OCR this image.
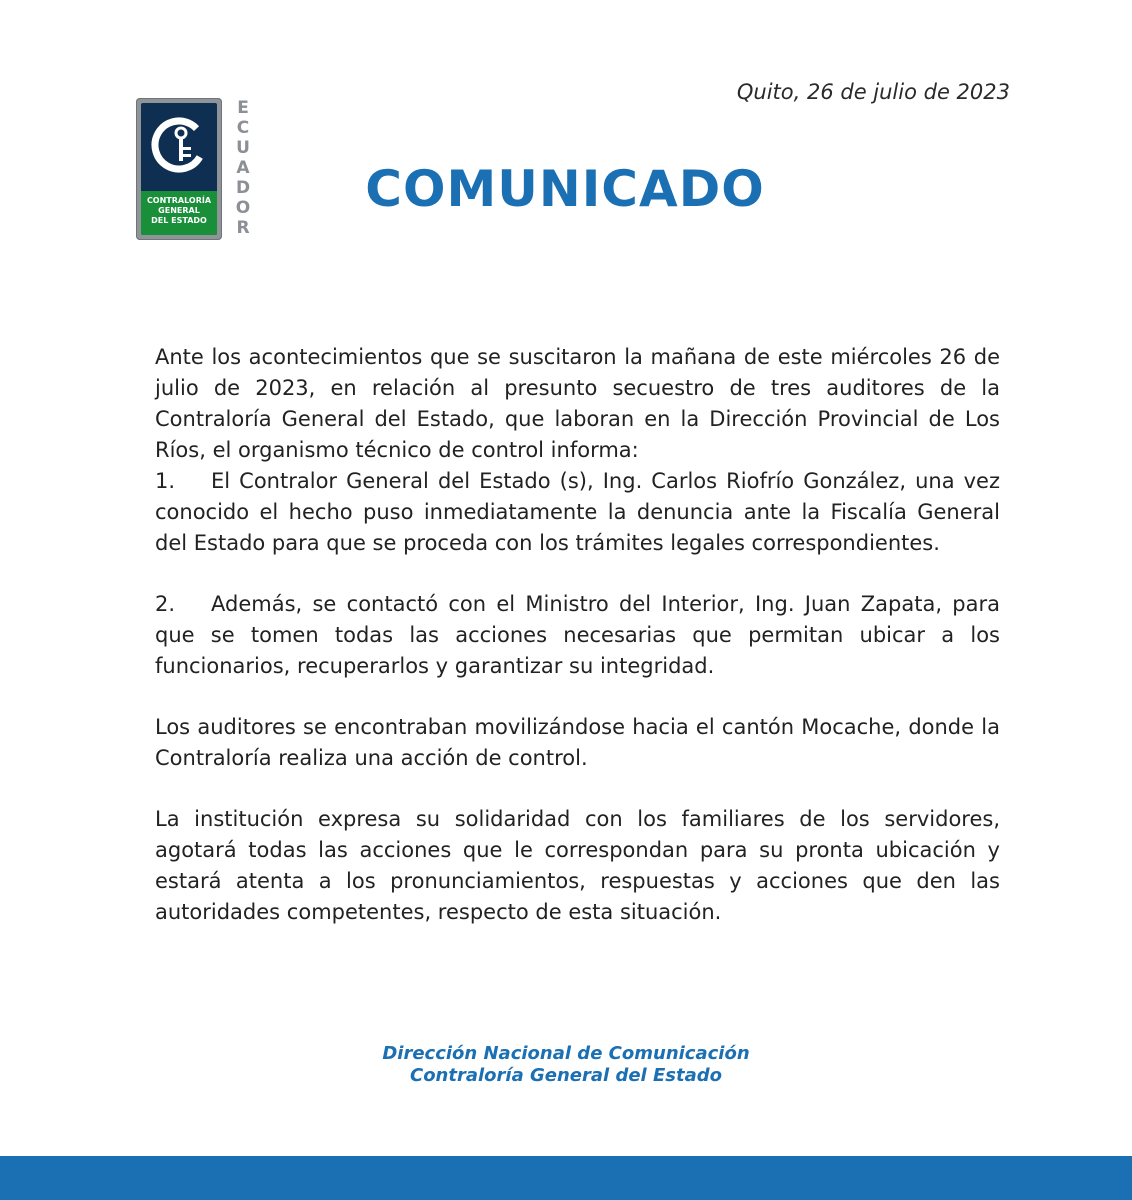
Quito, 26 de julio de 2023
CONTRALORÍA
GENERAL
DEL ESTADO
E
C
U
A
D
O
R
COMUNICADO

Ante los acontecimientos que se suscitaron la mañana de este miércoles 26 de julio de 2023, en relación al presunto secuestro de tres auditores de la Contraloría General del Estado, que laboran en la Dirección Provincial de Los Ríos, el organismo técnico de control informa:

1. El Contralor General del Estado (s), Ing. Carlos Riofrío González, una vez conocido el hecho puso inmediatamente la denuncia ante la Fiscalía General del Estado para que se proceda con los trámites legales correspondientes.

2. Además, se contactó con el Ministro del Interior, Ing. Juan Zapata, para que se tomen todas las acciones necesarias que permitan ubicar a los funcionarios, recuperarlos y garantizar su integridad.

Los auditores se encontraban movilizándose hacia el cantón Mocache, donde la Contraloría realiza una acción de control.

La institución expresa su solidaridad con los familiares de los servidores, agotará todas las acciones que le correspondan para su pronta ubicación y estará atenta a los pronunciamientos, respuestas y acciones que den las autoridades competentes, respecto de esta situación.

Dirección Nacional de Comunicación
Contraloría General del Estado
